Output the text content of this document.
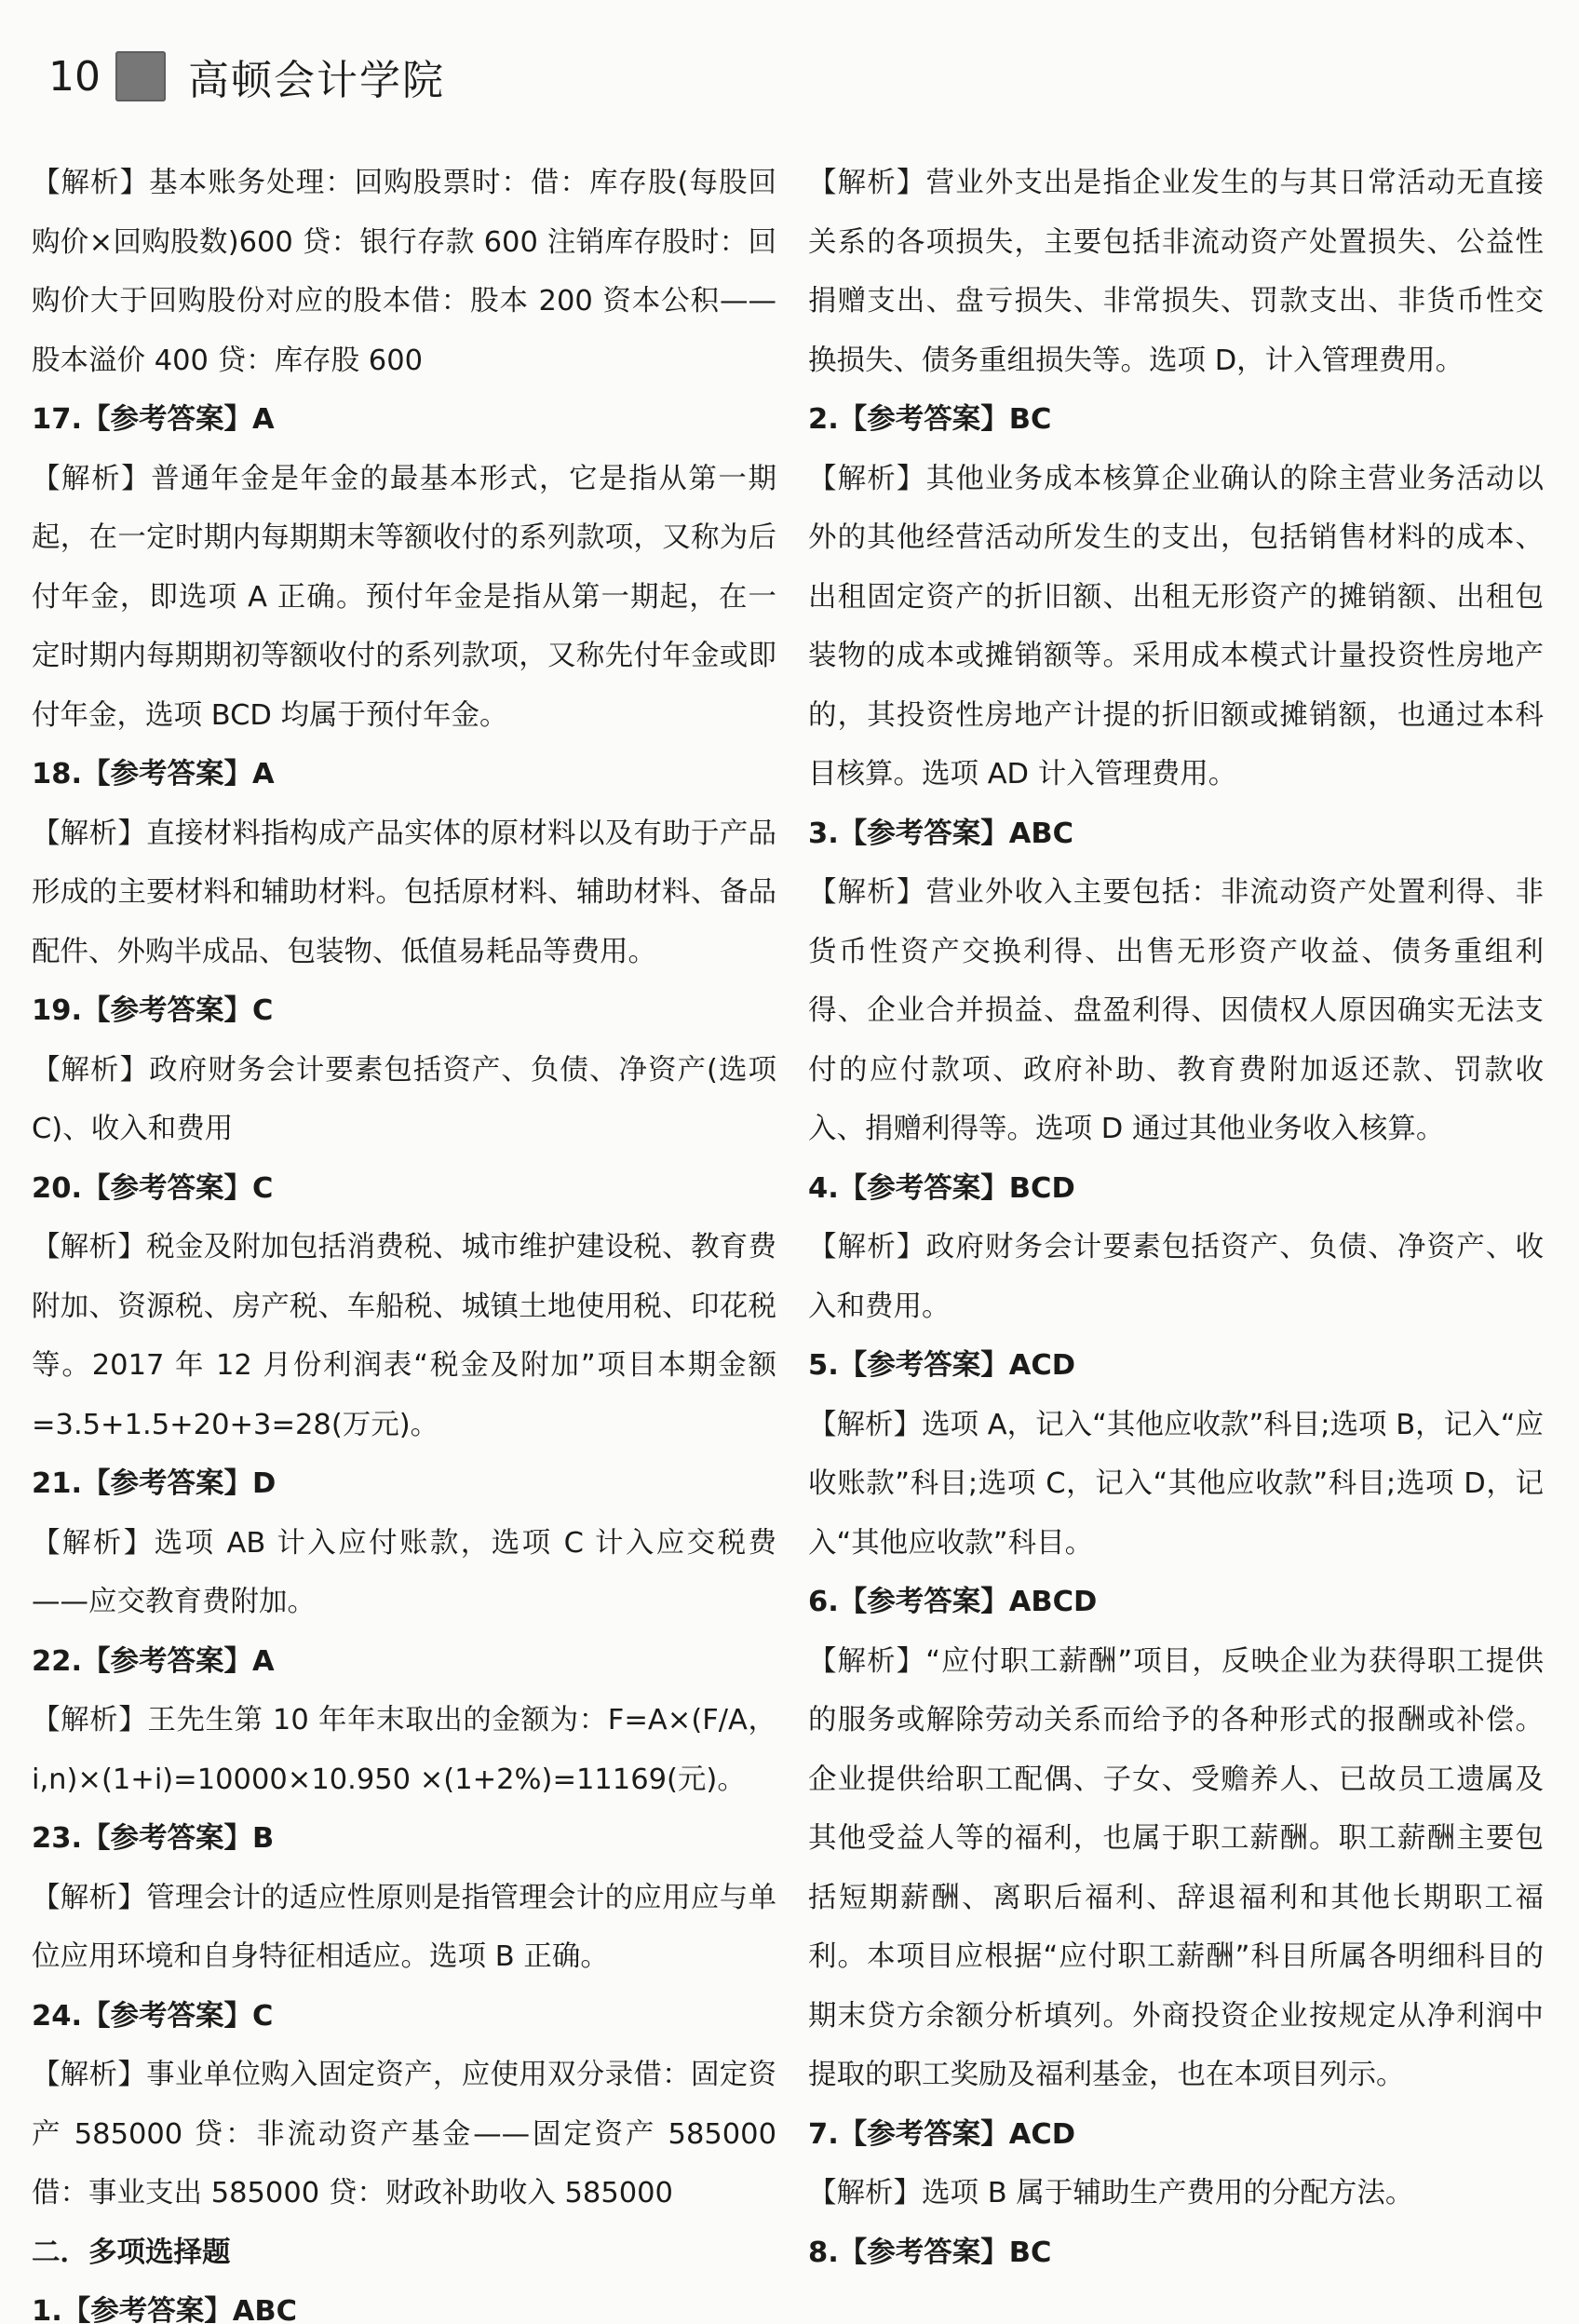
10	高顿会计学院

【解析】基本账务处理：回购股票时：借：库存股(每股回购价×回购股数)600 贷：银行存款 600 注销库存股时：回购价大于回购股份对应的股本借：股本 200 资本公积——股本溢价 400 贷：库存股 600

17.【参考答案】A

【解析】普通年金是年金的最基本形式，它是指从第一期起，在一定时期内每期期末等额收付的系列款项，又称为后付年金，即选项 A 正确。预付年金是指从第一期起，在一定时期内每期期初等额收付的系列款项，又称先付年金或即付年金，选项 BCD 均属于预付年金。

18.【参考答案】A

【解析】直接材料指构成产品实体的原材料以及有助于产品形成的主要材料和辅助材料。包括原材料、辅助材料、备品配件、外购半成品、包装物、低值易耗品等费用。

19.【参考答案】C

【解析】政府财务会计要素包括资产、负债、净资产(选项 C)、收入和费用

20.【参考答案】C

【解析】税金及附加包括消费税、城市维护建设税、教育费附加、资源税、房产税、车船税、城镇土地使用税、印花税等。2017 年 12 月份利润表“税金及附加”项目本期金额=3.5+1.5+20+3=28(万元)。

21.【参考答案】D

【解析】选项 AB 计入应付账款，选项 C 计入应交税费——应交教育费附加。

22.【参考答案】A

【解析】王先生第 10 年年末取出的金额为：F=A×(F/A，i,n)×(1+i)=10000×10.950 ×(1+2%)=11169(元)。

23.【参考答案】B

【解析】管理会计的适应性原则是指管理会计的应用应与单位应用环境和自身特征相适应。选项 B 正确。

24.【参考答案】C

【解析】事业单位购入固定资产，应使用双分录借：固定资产 585000 贷：非流动资产基金——固定资产 585000 借：事业支出 585000 贷：财政补助收入 585000

二．多项选择题

1.【参考答案】ABC

【解析】营业外支出是指企业发生的与其日常活动无直接关系的各项损失，主要包括非流动资产处置损失、公益性捐赠支出、盘亏损失、非常损失、罚款支出、非货币性交换损失、债务重组损失等。选项 D，计入管理费用。

2.【参考答案】BC

【解析】其他业务成本核算企业确认的除主营业务活动以外的其他经营活动所发生的支出，包括销售材料的成本、出租固定资产的折旧额、出租无形资产的摊销额、出租包装物的成本或摊销额等。采用成本模式计量投资性房地产的，其投资性房地产计提的折旧额或摊销额，也通过本科目核算。选项 AD 计入管理费用。

3.【参考答案】ABC

【解析】营业外收入主要包括：非流动资产处置利得、非货币性资产交换利得、出售无形资产收益、债务重组利得、企业合并损益、盘盈利得、因债权人原因确实无法支付的应付款项、政府补助、教育费附加返还款、罚款收入、捐赠利得等。选项 D 通过其他业务收入核算。

4.【参考答案】BCD

【解析】政府财务会计要素包括资产、负债、净资产、收入和费用。

5.【参考答案】ACD

【解析】选项 A，记入“其他应收款”科目;选项 B，记入“应收账款”科目;选项 C，记入“其他应收款”科目;选项 D，记入“其他应收款”科目。

6.【参考答案】ABCD

【解析】“应付职工薪酬”项目，反映企业为获得职工提供的服务或解除劳动关系而给予的各种形式的报酬或补偿。企业提供给职工配偶、子女、受赡养人、已故员工遗属及其他受益人等的福利，也属于职工薪酬。职工薪酬主要包括短期薪酬、离职后福利、辞退福利和其他长期职工福利。本项目应根据“应付职工薪酬”科目所属各明细科目的期末贷方余额分析填列。外商投资企业按规定从净利润中提取的职工奖励及福利基金，也在本项目列示。

7.【参考答案】ACD

【解析】选项 B 属于辅助生产费用的分配方法。

8.【参考答案】BC
